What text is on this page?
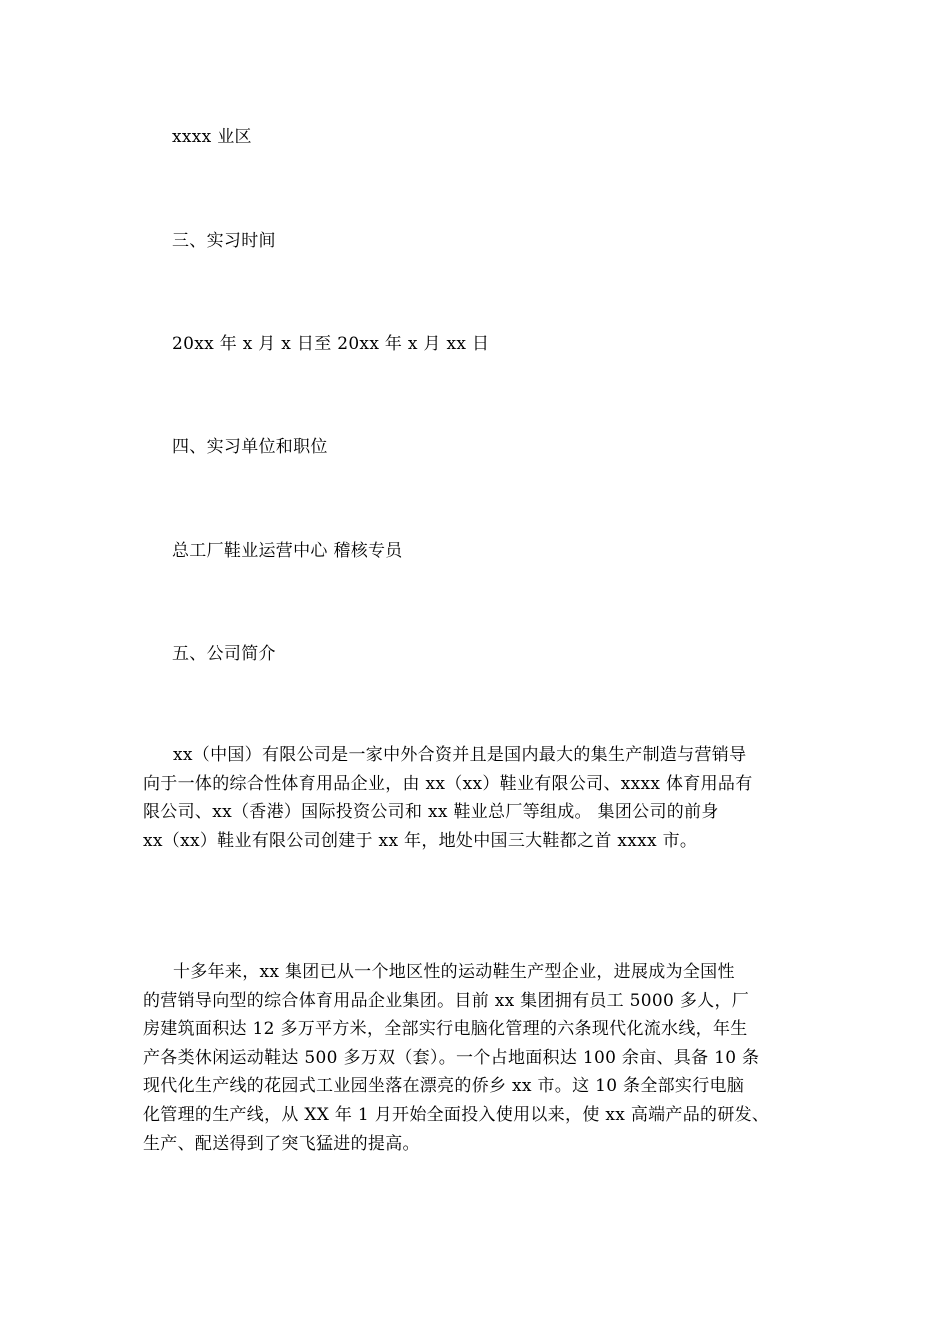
xxxx 业区
三、实习时间
20xx 年 x 月 x 日至 20xx 年 x 月 xx 日
四、实习单位和职位
总工厂鞋业运营中心 稽核专员
五、公司简介
xx（中国）有限公司是一家中外合资并且是国内最大的集生产制造与营销导
向于一体的综合性体育用品企业，由 xx（xx）鞋业有限公司、xxxx 体育用品有
限公司、xx（香港）国际投资公司和 xx 鞋业总厂等组成。 集团公司的前身
xx（xx）鞋业有限公司创建于 xx 年，地处中国三大鞋都之首 xxxx 市。
十多年来，xx 集团已从一个地区性的运动鞋生产型企业，进展成为全国性
的营销导向型的综合体育用品企业集团。目前 xx 集团拥有员工 5000 多人，厂
房建筑面积达 12 多万平方米，全部实行电脑化管理的六条现代化流水线，年生
产各类休闲运动鞋达 500 多万双（套）。一个占地面积达 100 余亩、具备 10 条
现代化生产线的花园式工业园坐落在漂亮的侨乡 xx 市。这 10 条全部实行电脑
化管理的生产线，从 XX 年 1 月开始全面投入使用以来，使 xx 高端产品的研发、
生产、配送得到了突飞猛进的提高。
